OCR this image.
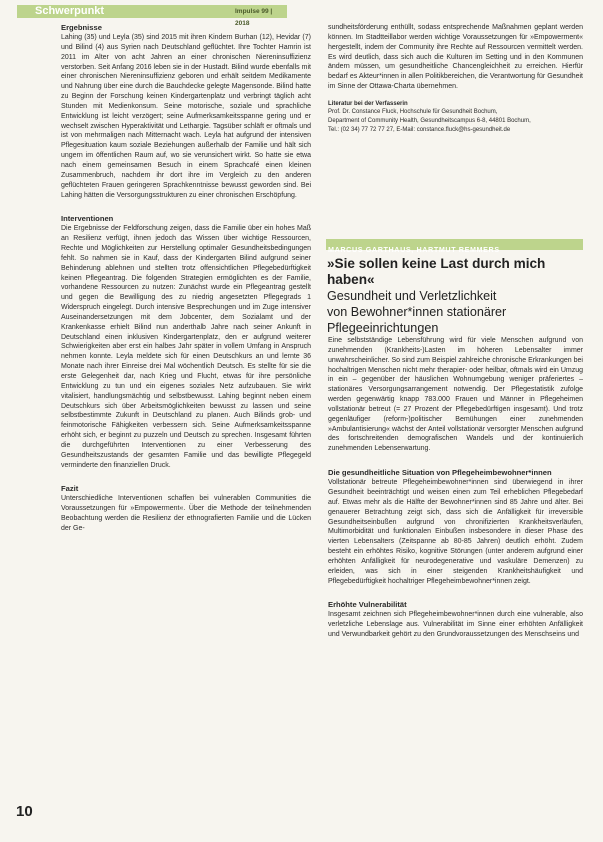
Schwerpunkt	Impulse 99 | 2018

Ergebnisse

Lahing (35) und Leyla (35) sind 2015 mit ihren Kindern Burhan (12), Hevidar (7) und Bilind (4) aus Syrien nach Deutschland geflüchtet. Ihre Tochter Hamrin ist 2011 im Alter von acht Jahren an einer chronischen Niereninsuffizienz verstorben. Seit Anfang 2016 leben sie in der Hustadt. Bilind wurde ebenfalls mit einer chronischen Niereninsuffizienz geboren und erhält seitdem Medikamente und Nahrung über eine durch die Bauchdecke gelegte Magensonde. Bilind hatte zu Beginn der Forschung keinen Kindergartenplatz und verbringt täglich acht Stunden mit Medienkonsum. Seine motorische, soziale und sprachliche Entwicklung ist leicht verzögert; seine Aufmerksamkeitsspanne gering und er wechselt zwischen Hyperaktivität und Lethargie. Tagsüber schläft er oftmals und ist von mehrmaligen nach Mitternacht wach. Leyla hat aufgrund der intensiven Pflegesituation kaum soziale Beziehungen außerhalb der Familie und hält sich ungern im öffentlichen Raum auf, wo sie verunsichert wirkt. So hatte sie etwa nach einem gemeinsamen Besuch in einem Sprachcafé einen kleinen Zusammenbruch, nachdem ihr dort ihre im Vergleich zu den anderen geflüchteten Frauen geringeren Sprachkenntnisse bewusst geworden sind. Bei Lahing hätten die Versorgungsstrukturen zu einer chronischen Erschöpfung.

Interventionen

Die Ergebnisse der Feldforschung zeigen, dass die Familie über ein hohes Maß an Resilienz verfügt, ihnen jedoch das Wissen über wichtige Ressourcen, Rechte und Möglichkeiten zur Herstellung optimaler Gesundheitsbedingungen fehlt. So nahmen sie in Kauf, dass der Kindergarten Bilind aufgrund seiner Behinderung ablehnen und stellten trotz offensichtlichen Pflegebedürftigkeit keinen Pflegeantrag. Die folgenden Strategien ermöglichten es der Familie, vorhandene Ressourcen zu nutzen: Zunächst wurde ein Pflegeantrag gestellt und gegen die Bewilligung des zu niedrig angesetzten Pflegegrads 1 Widerspruch eingelegt. Durch intensive Besprechungen und im Zuge intensiver Auseinandersetzungen mit dem Jobcenter, dem Sozialamt und der Krankenkasse erhielt Bilind nun anderthalb Jahre nach seiner Ankunft in Deutschland einen inklusiven Kindergartenplatz, den er aufgrund weiterer Schwierigkeiten aber erst ein halbes Jahr später in vollem Umfang in Anspruch nehmen konnte. Leyla meldete sich für einen Deutschkurs an und lernte 36 Monate nach ihrer Einreise drei Mal wöchentlich Deutsch. Es stellte für sie die erste Gelegenheit dar, nach Krieg und Flucht, etwas für ihre persönliche Entwicklung zu tun und ein eigenes soziales Netz aufzubauen. Sie wirkt vitalisiert, handlungsmächtig und selbstbewusst. Lahing beginnt neben einem Deutschkurs sich über Arbeitsmöglichkeiten bewusst zu lassen und seine selbstbestimmte Zukunft in Deutschland zu planen. Auch Bilinds grob- und feinmotorische Fähigkeiten verbessern sich. Seine Aufmerksamkeitsspanne erhöht sich, er beginnt zu puzzeln und Deutsch zu sprechen. Insgesamt führten die durchgeführten Interventionen zu einer Verbesserung des Gesundheitszustands der gesamten Familie und das bewilligte Pflegegeld verminderte den finanziellen Druck.

Fazit

Unterschiedliche Interventionen schaffen bei vulnerablen Communities die Voraussetzungen für »Empowerment«. Über die Methode der teilnehmenden Beobachtung werden die Resilienz der ethnografierten Familie und die Lücken der Ge-

sundheitsförderung enthüllt, sodass entsprechende Maßnahmen geplant werden können. Im Stadtteillabor werden wichtige Voraussetzungen für »Empowerment« hergestellt, indem der Community ihre Rechte auf Ressourcen vermittelt werden. Es wird deutlich, dass sich auch die Kulturen im Setting und in den Kommunen ändern müssen, um gesundheitliche Chancengleichheit zu erreichen. Hierfür bedarf es Akteur*innen in allen Politikbereichen, die Verantwortung für Gesundheit im Sinne der Ottawa-Charta übernehmen.

Literatur bei der Verfasserin

Prof. Dr. Constance Fluck, Hochschule für Gesundheit Bochum,

Department of Community Health, Gesundheitscampus 6-8, 44801 Bochum,

Tel.: (02 34) 77 72 77 27, E-Mail: constance.fluck@hs-gesundheit.de

MARCUS GARTHAUS, HARTMUT REMMERS

»Sie sollen keine Last durch mich haben«

Gesundheit und Verletzlichkeit

von Bewohner*innen stationärer

Pflegeeinrichtungen

Eine selbstständige Lebensführung wird für viele Menschen aufgrund von zunehmenden (Krankheits-)Lasten im höheren Lebensalter immer unwahrscheinlicher. So sind zum Beispiel zahlreiche chronische Erkrankungen bei hochaltrigen Menschen nicht mehr therapier- oder heilbar, oftmals wird ein Umzug in ein – gegenüber der häuslichen Wohnumgebung weniger präferiertes – stationäres Versorgungsarrangement notwendig. Der Pflegestatistik zufolge werden gegenwärtig knapp 783.000 Frauen und Männer in Pflegeheimen vollstationär betreut (= 27 Prozent der Pflegebedürftigen insgesamt). Und trotz gegenläufiger (reform-)politischer Bemühungen einer zunehmenden »Ambulantisierung« wächst der Anteil vollstationär versorgter Menschen aufgrund des fortschreitenden demografischen Wandels und der kontinuierlich zunehmenden Lebenserwartung.

Die gesundheitliche Situation von Pflegeheimbewohner*innen

Vollstationär betreute Pflegeheimbewohner*innen sind überwiegend in ihrer Gesundheit beeinträchtigt und weisen einen zum Teil erheblichen Pflegebedarf auf. Etwas mehr als die Hälfte der Bewohner*innen sind 85 Jahre und älter. Bei genauerer Betrachtung zeigt sich, dass sich die Anfälligkeit für irreversible Gesundheitseinbußen aufgrund von chronifizierten Krankheitsverläufen, Multimorbidität und funktionalen Einbußen insbesondere in dieser Phase des vierten Lebensalters (Zeitspanne ab 80-85 Jahren) deutlich erhöht. Zudem besteht ein erhöhtes Risiko, kognitive Störungen (unter anderem aufgrund einer erhöhten Anfälligkeit für neurodegenerative und vaskuläre Demenzen) zu erleiden, was sich in einer steigenden Krankheitshäufigkeit und Pflegebedürftigkeit hochaltriger Pflegeheimbewohner*innen zeigt.

Erhöhte Vulnerabilität

Insgesamt zeichnen sich Pflegeheimbewohner*innen durch eine vulnerable, also verletzliche Lebenslage aus. Vulnerabilität im Sinne einer erhöhten Anfälligkeit und Verwundbarkeit gehört zu den Grundvoraussetzungen des Menschseins und

10
